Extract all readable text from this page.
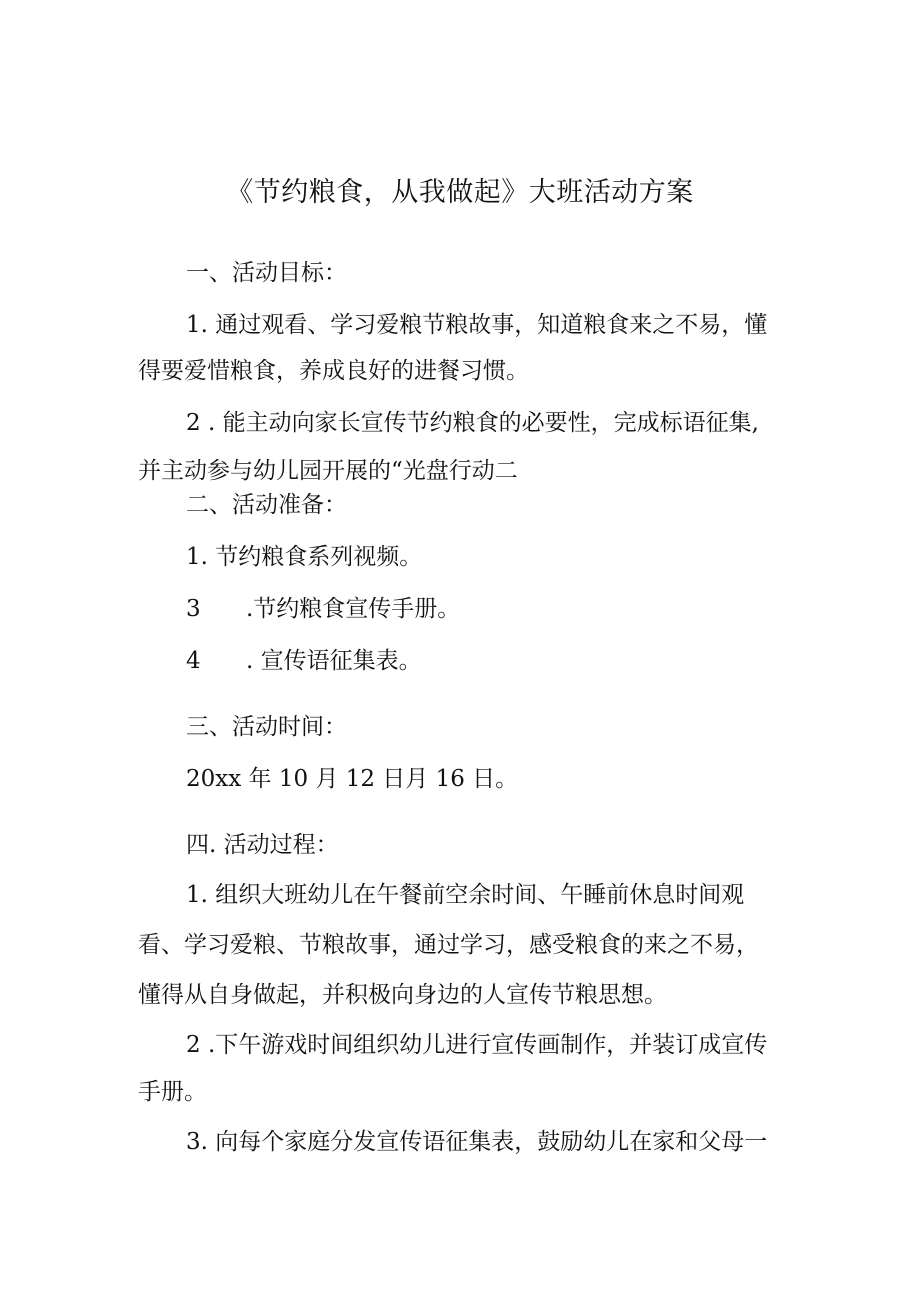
《节约粮食，从我做起》大班活动方案
一、活动目标：
1. 通过观看、学习爱粮节粮故事，知道粮食来之不易，懂
得要爱惜粮食，养成良好的进餐习惯。
2 . 能主动向家长宣传节约粮食的必要性，完成标语征集,
并主动参与幼儿园开展的“光盘行动二
二、活动准备：
1. 节约粮食系列视频。
3 .节约粮食宣传手册。
4 . 宣传语征集表。
三、活动时间：
20xx 年 10 月 12 日月 16 日。
四. 活动过程：
1. 组织大班幼儿在午餐前空余时间、午睡前休息时间观
看、学习爱粮、节粮故事，通过学习，感受粮食的来之不易，
懂得从自身做起，并积极向身边的人宣传节粮思想。
2 .下午游戏时间组织幼儿进行宣传画制作，并装订成宣传
手册。
3. 向每个家庭分发宣传语征集表，鼓励幼儿在家和父母一
